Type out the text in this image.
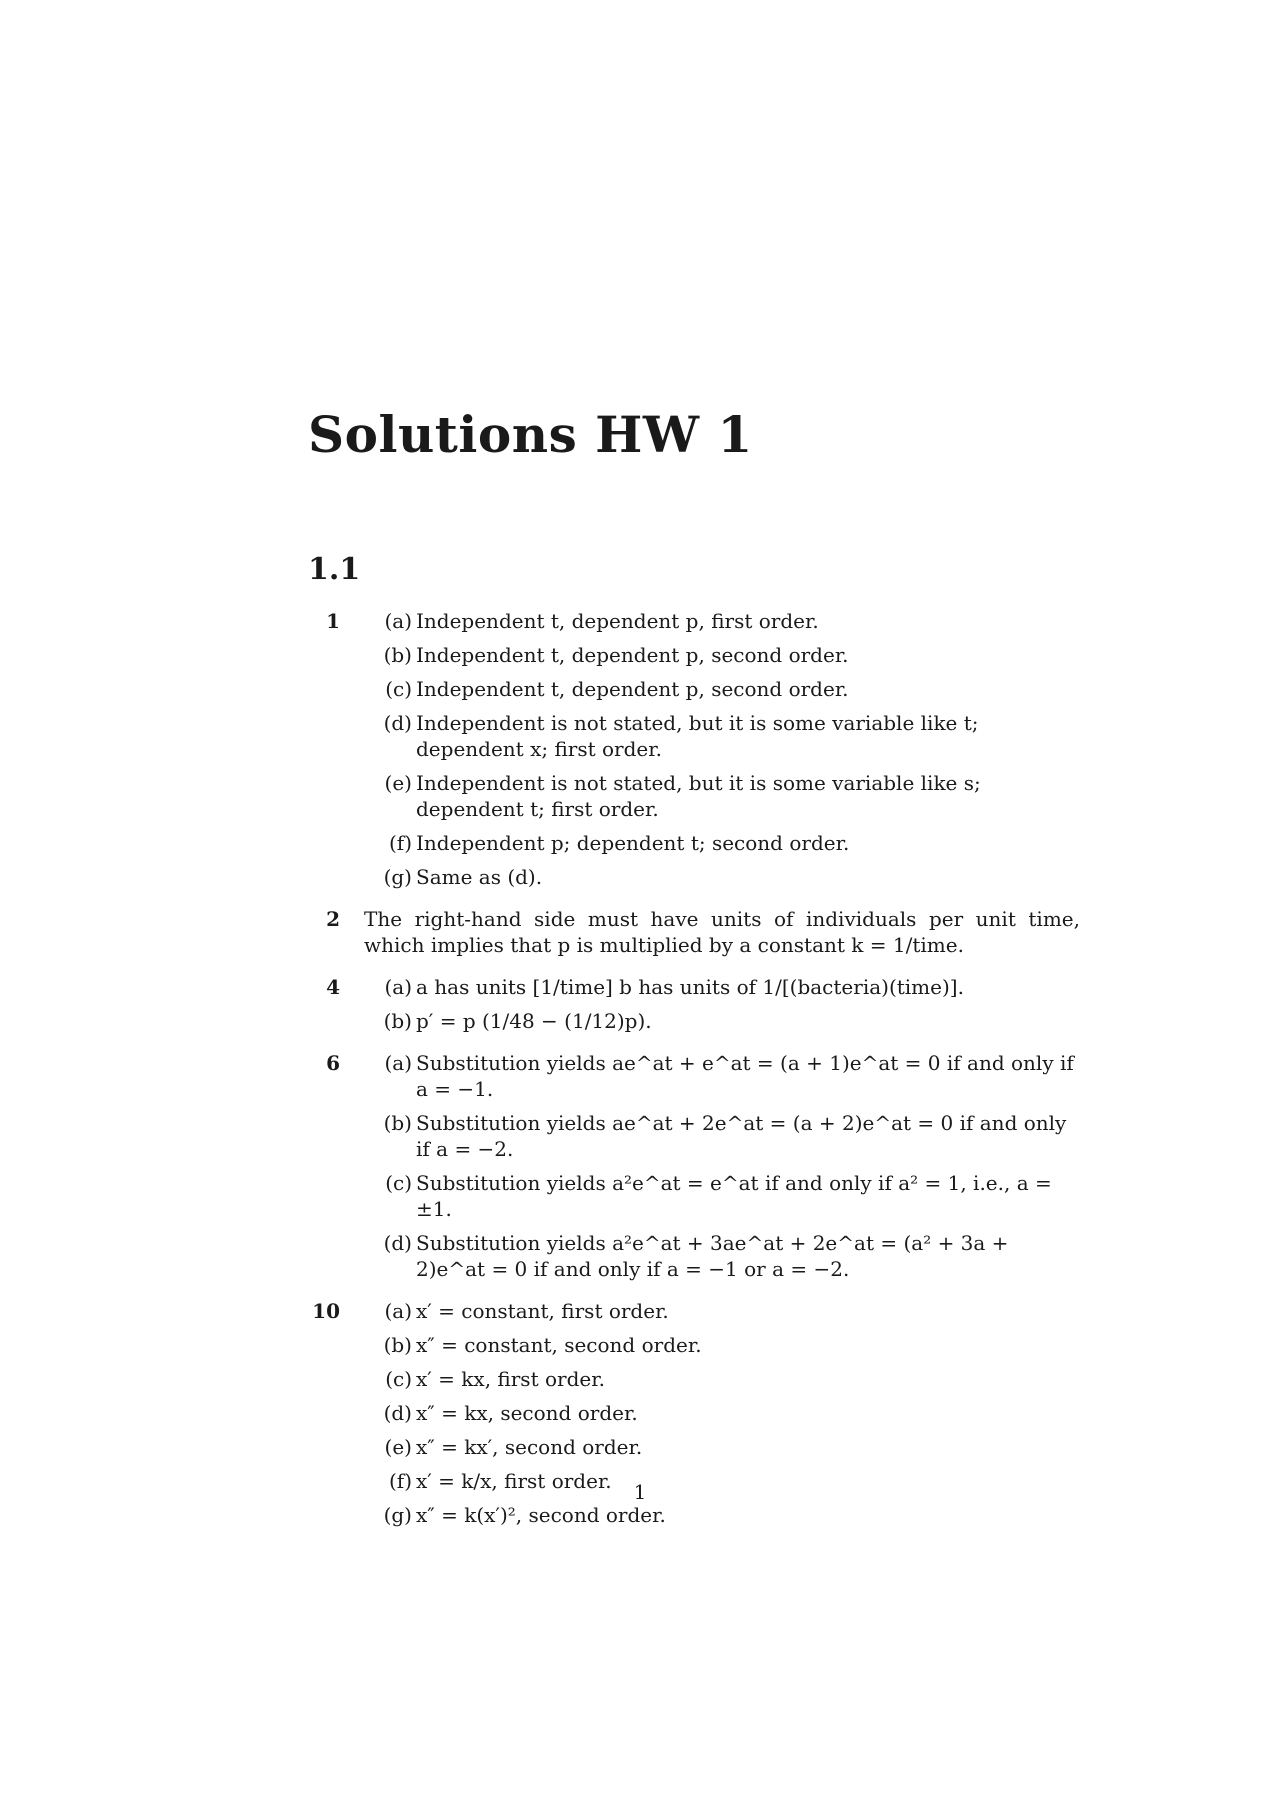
Solutions HW 1
1.1
1	(a) Independent t, dependent p, first order.
(b) Independent t, dependent p, second order.
(c) Independent t, dependent p, second order.
(d) Independent is not stated, but it is some variable like t; dependent x; first order.
(e) Independent is not stated, but it is some variable like s; dependent t; first order.
(f) Independent p; dependent t; second order.
(g) Same as (d).
2 The right-hand side must have units of individuals per unit time, which implies that p is multiplied by a constant k = 1/time.
4	(a) a has units [1/time] b has units of 1/[(bacteria)(time)].
(b) p′ = p (1/48 − (1/12)p).
6	(a) Substitution yields ae^at + e^at = (a + 1)e^at = 0 if and only if a = −1.
(b) Substitution yields ae^at + 2e^at = (a + 2)e^at = 0 if and only if a = −2.
(c) Substitution yields a²e^at = e^at if and only if a² = 1, i.e., a = ±1.
(d) Substitution yields a²e^at + 3ae^at + 2e^at = (a² + 3a + 2)e^at = 0 if and only if a = −1 or a = −2.
10	(a) x′ = constant, first order.
(b) x″ = constant, second order.
(c) x′ = kx, first order.
(d) x″ = kx, second order.
(e) x″ = kx′, second order.
(f) x′ = k/x, first order.
(g) x″ = k(x′)², second order.
1
